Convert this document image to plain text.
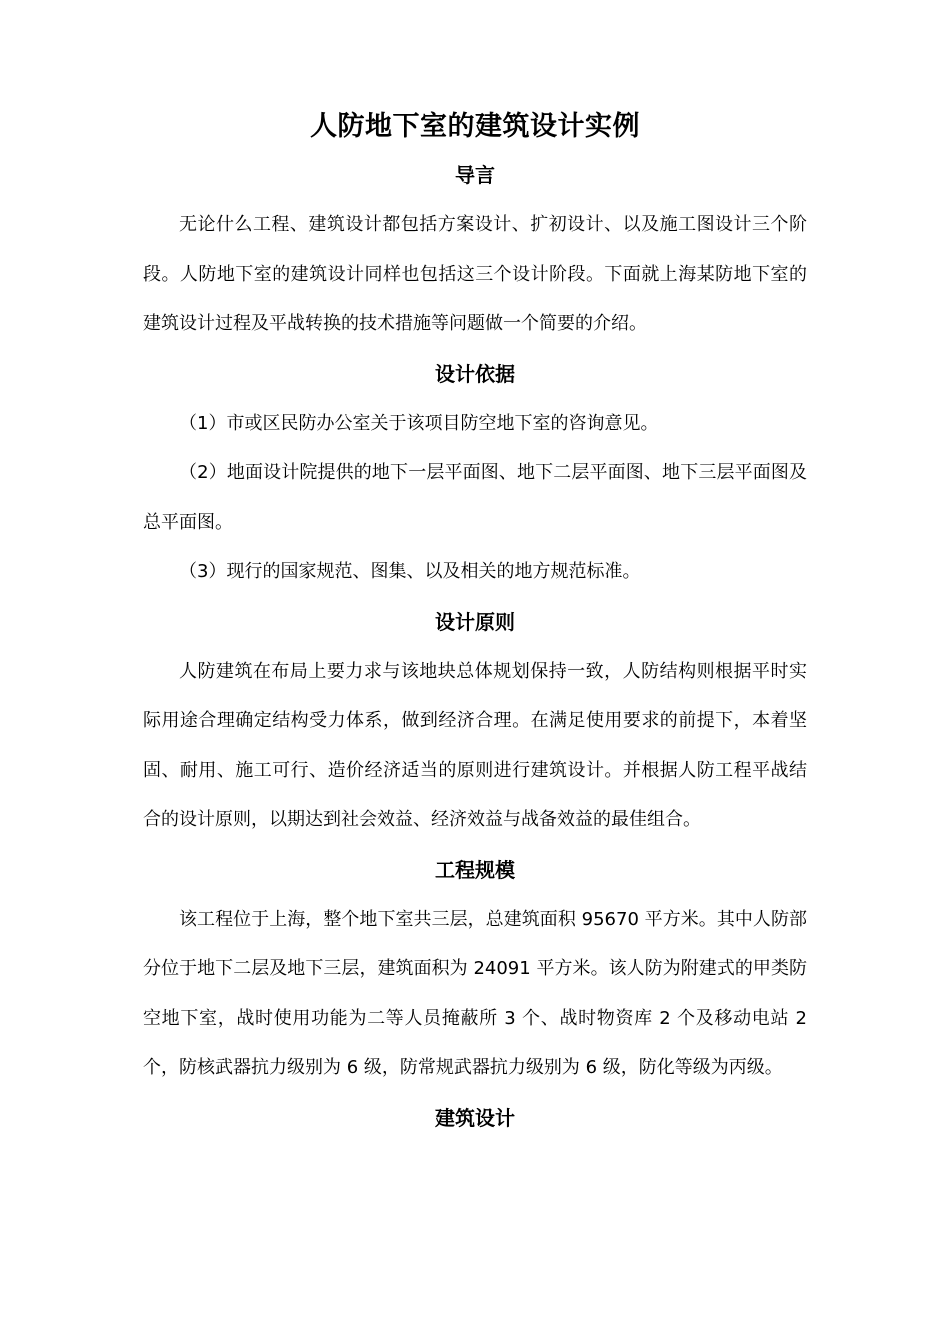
人防地下室的建筑设计实例
导言

无论什么工程、建筑设计都包括方案设计、扩初设计、以及施工图设计三个阶段。人防地下室的建筑设计同样也包括这三个设计阶段。下面就上海某防地下室的建筑设计过程及平战转换的技术措施等问题做一个简要的介绍。

设计依据

（1）市或区民防办公室关于该项目防空地下室的咨询意见。

（2）地面设计院提供的地下一层平面图、地下二层平面图、地下三层平面图及总平面图。

（3）现行的国家规范、图集、以及相关的地方规范标准。

设计原则

人防建筑在布局上要力求与该地块总体规划保持一致，人防结构则根据平时实际用途合理确定结构受力体系，做到经济合理。在满足使用要求的前提下，本着坚固、耐用、施工可行、造价经济适当的原则进行建筑设计。并根据人防工程平战结合的设计原则，以期达到社会效益、经济效益与战备效益的最佳组合。

工程规模

该工程位于上海，整个地下室共三层，总建筑面积 95670 平方米。其中人防部分位于地下二层及地下三层，建筑面积为 24091 平方米。该人防为附建式的甲类防空地下室，战时使用功能为二等人员掩蔽所 3 个、战时物资库 2 个及移动电站 2 个，防核武器抗力级别为 6 级，防常规武器抗力级别为 6 级，防化等级为丙级。

建筑设计
